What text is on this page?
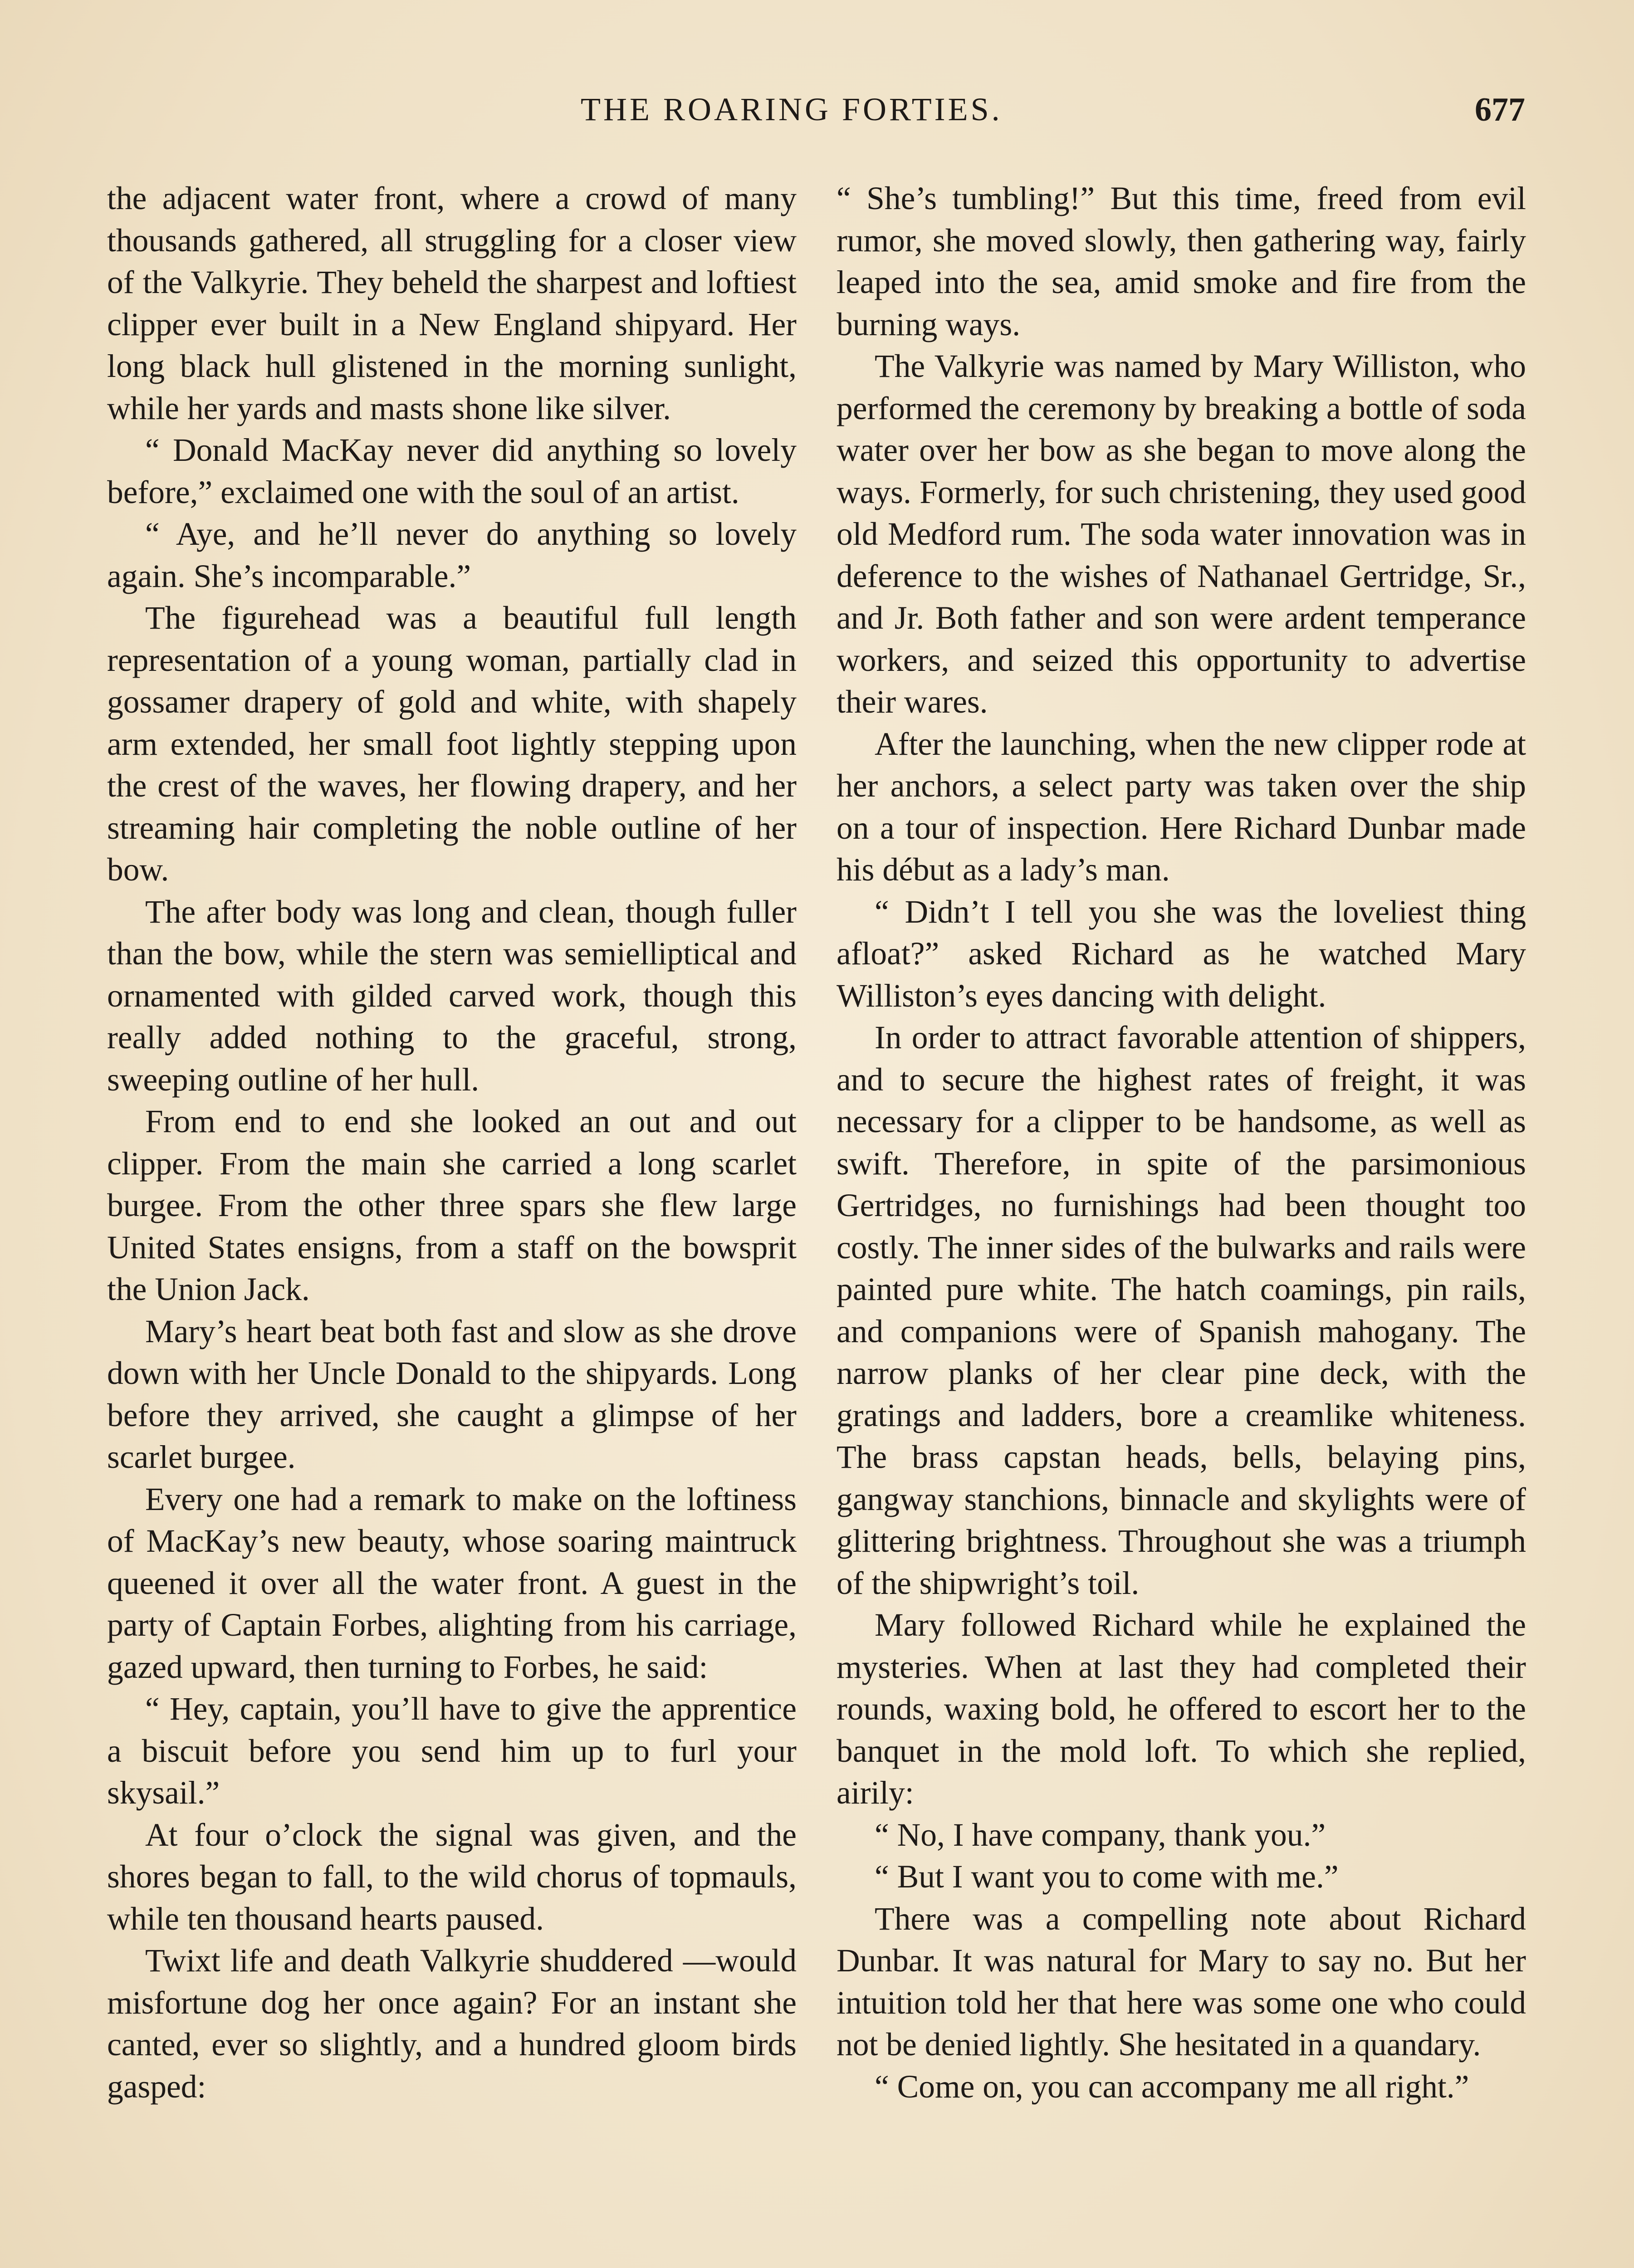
THE ROARING FORTIES.	677

the adjacent water front, where a crowd of many thousands gathered, all struggling for a closer view of the Valkyrie. They beheld the sharpest and loftiest clipper ever built in a New England shipyard. Her long black hull glistened in the morning sunlight, while her yards and masts shone like silver.

“ Donald MacKay never did anything so lovely before,” exclaimed one with the soul of an artist.

“ Aye, and he’ll never do anything so lovely again. She’s incomparable.”

The figurehead was a beautiful full length representation of a young woman, partially clad in gossamer drapery of gold and white, with shapely arm extended, her small foot lightly stepping upon the crest of the waves, her flowing drapery, and her streaming hair completing the noble outline of her bow.

The after body was long and clean, though fuller than the bow, while the stern was semielliptical and ornamented with gilded carved work, though this really added nothing to the graceful, strong, sweeping outline of her hull.

From end to end she looked an out and out clipper. From the main she carried a long scarlet burgee. From the other three spars she flew large United States ensigns, from a staff on the bowsprit the Union Jack.

Mary’s heart beat both fast and slow as she drove down with her Uncle Donald to the shipyards. Long before they arrived, she caught a glimpse of her scarlet burgee.

Every one had a remark to make on the loftiness of MacKay’s new beauty, whose soaring maintruck queened it over all the water front. A guest in the party of Captain Forbes, alighting from his carriage, gazed upward, then turning to Forbes, he said:

“ Hey, captain, you’ll have to give the apprentice a biscuit before you send him up to furl your skysail.”

At four o’clock the signal was given, and the shores began to fall, to the wild chorus of topmauls, while ten thousand hearts paused.

Twixt life and death Valkyrie shuddered —would misfortune dog her once again? For an instant she canted, ever so slightly, and a hundred gloom birds gasped:

“ She’s tumbling!” But this time, freed from evil rumor, she moved slowly, then gathering way, fairly leaped into the sea, amid smoke and fire from the burning ways.

The Valkyrie was named by Mary Williston, who performed the ceremony by breaking a bottle of soda water over her bow as she began to move along the ways. Formerly, for such christening, they used good old Medford rum. The soda water innovation was in deference to the wishes of Nathanael Gertridge, Sr., and Jr. Both father and son were ardent temperance workers, and seized this opportunity to advertise their wares.

After the launching, when the new clipper rode at her anchors, a select party was taken over the ship on a tour of inspection. Here Richard Dunbar made his début as a lady’s man.

“ Didn’t I tell you she was the loveliest thing afloat?” asked Richard as he watched Mary Williston’s eyes dancing with delight.

In order to attract favorable attention of shippers, and to secure the highest rates of freight, it was necessary for a clipper to be handsome, as well as swift. Therefore, in spite of the parsimonious Gertridges, no furnishings had been thought too costly. The inner sides of the bulwarks and rails were painted pure white. The hatch coamings, pin rails, and companions were of Spanish mahogany. The narrow planks of her clear pine deck, with the gratings and ladders, bore a creamlike whiteness. The brass capstan heads, bells, belaying pins, gangway stanchions, binnacle and skylights were of glittering brightness. Throughout she was a triumph of the shipwright’s toil.

Mary followed Richard while he explained the mysteries. When at last they had completed their rounds, waxing bold, he offered to escort her to the banquet in the mold loft. To which she replied, airily:

“ No, I have company, thank you.”

“ But I want you to come with me.”

There was a compelling note about Richard Dunbar. It was natural for Mary to say no. But her intuition told her that here was some one who could not be denied lightly. She hesitated in a quandary.

“ Come on, you can accompany me all right.”
